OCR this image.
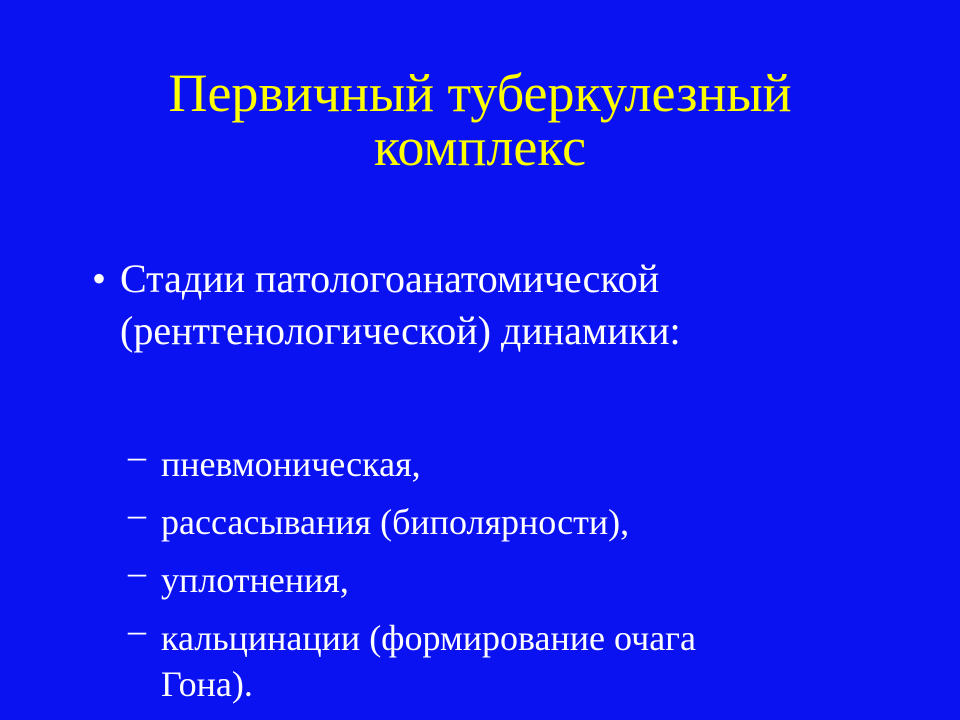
Первичный туберкулезный
комплекс
• Стадии патологоанатомической
(рентгенологической) динамики:
– пневмоническая,
– рассасывания (биполярности),
– уплотнения,
– кальцинации (формирование очага
Гона).
